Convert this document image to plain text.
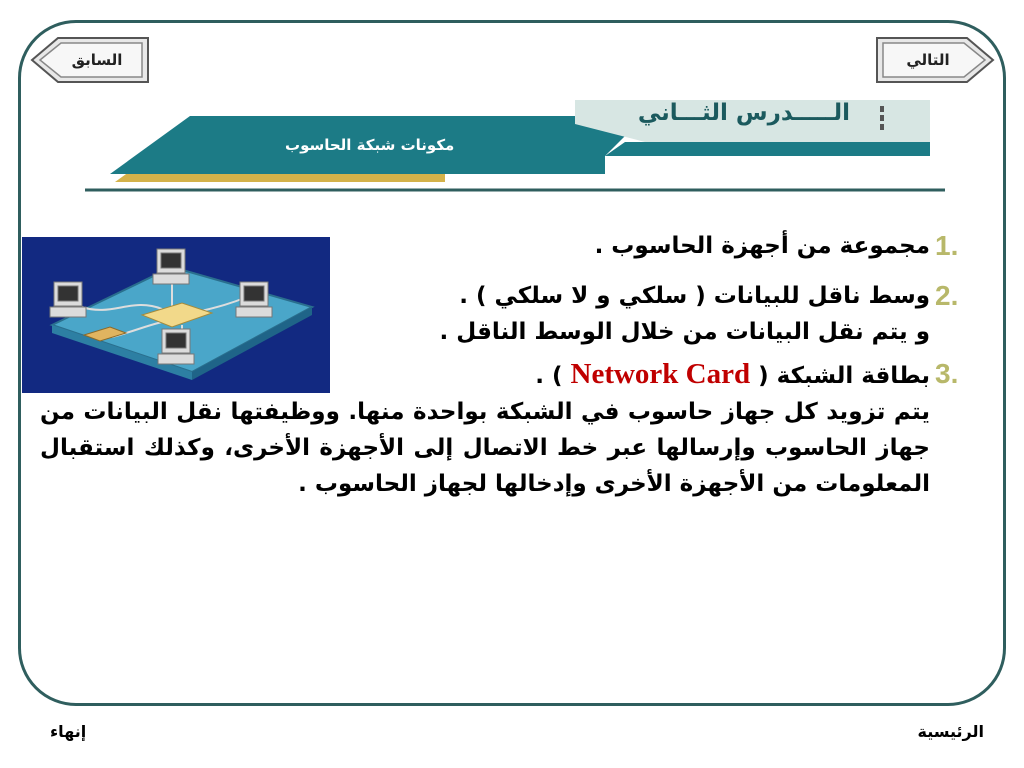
السابق	التالي
الـــــدرس الثـــاني
مكونات شبكة الحاسوب
1.
مجموعة من أجهزة الحاسوب .
2.
وسط ناقل للبيانات ( سلكي و لا سلكي ) .
و يتم نقل البيانات من خلال الوسط الناقل .
3.
بطاقة الشبكة ( Network Card ) .
يتم تزويد كل جهاز حاسوب في الشبكة بواحدة منها. ووظيفتها نقل البيانات من جهاز الحاسوب وإرسالها عبر خط الاتصال إلى الأجهزة الأخرى، وكذلك استقبال المعلومات من الأجهزة الأخرى وإدخالها لجهاز الحاسوب .
الرئيسية
إنهاء
